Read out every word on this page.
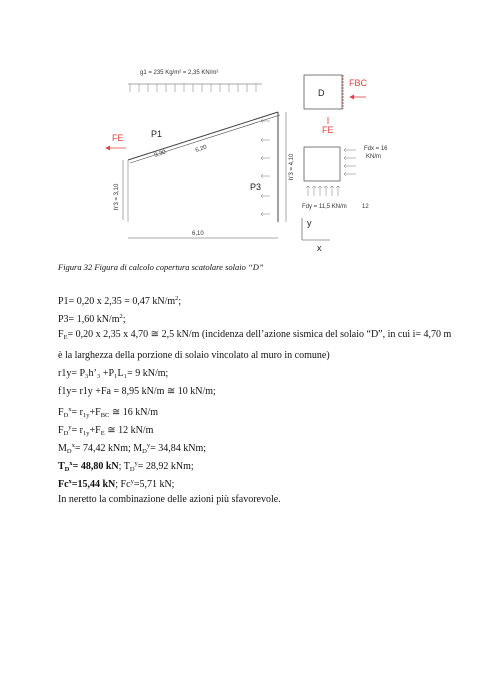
g1 = 235 Kg/m² = 2,35 KN/m²
P1
9,30
6,20
P3
FE
h'3 = 3,10
h'3 = 4,10
6,10
D
FBC
FE
Fdx = 16
KN/m
Fdy = 11,5 KN/m	12
y
x
Figura 32 Figura di calcolo copertura scatolare solaio “D”
P1= 0,20 x 2,35 = 0,47 $kN/m^2$;
P3= 1,60 $kN/m^2$;
$F_E= 0,20$ x 2,35 x 4,70 ≅ 2,5 kN/m (incidenza dell’azione sismica del solaio “D”, in cui i= 4,70 m è la larghezza della porzione di solaio vincolato al muro in comune)
r1y= P₃h’₃ +P₁L₁= 9 kN/m;
f1y= r1y +Fa = 8,95 kN/m ≅ 10 kN/m;
$F_D^x= r_{1y}+F_{BC}$ ≅ 16 kN/m
$F_D^y= r_{1y}+F_E$ ≅ 12 kN/m
$M_D^x= 74,42$ kNm; $M_D^y= 34,84$ kNm;
$T_D^x= 48,80$ kN; $T_D^y= 28,92$ kNm;
$Fc^x=15,44$ kN; $Fc^y=5,71$ kN;
In neretto la combinazione delle azioni più sfavorevole.
